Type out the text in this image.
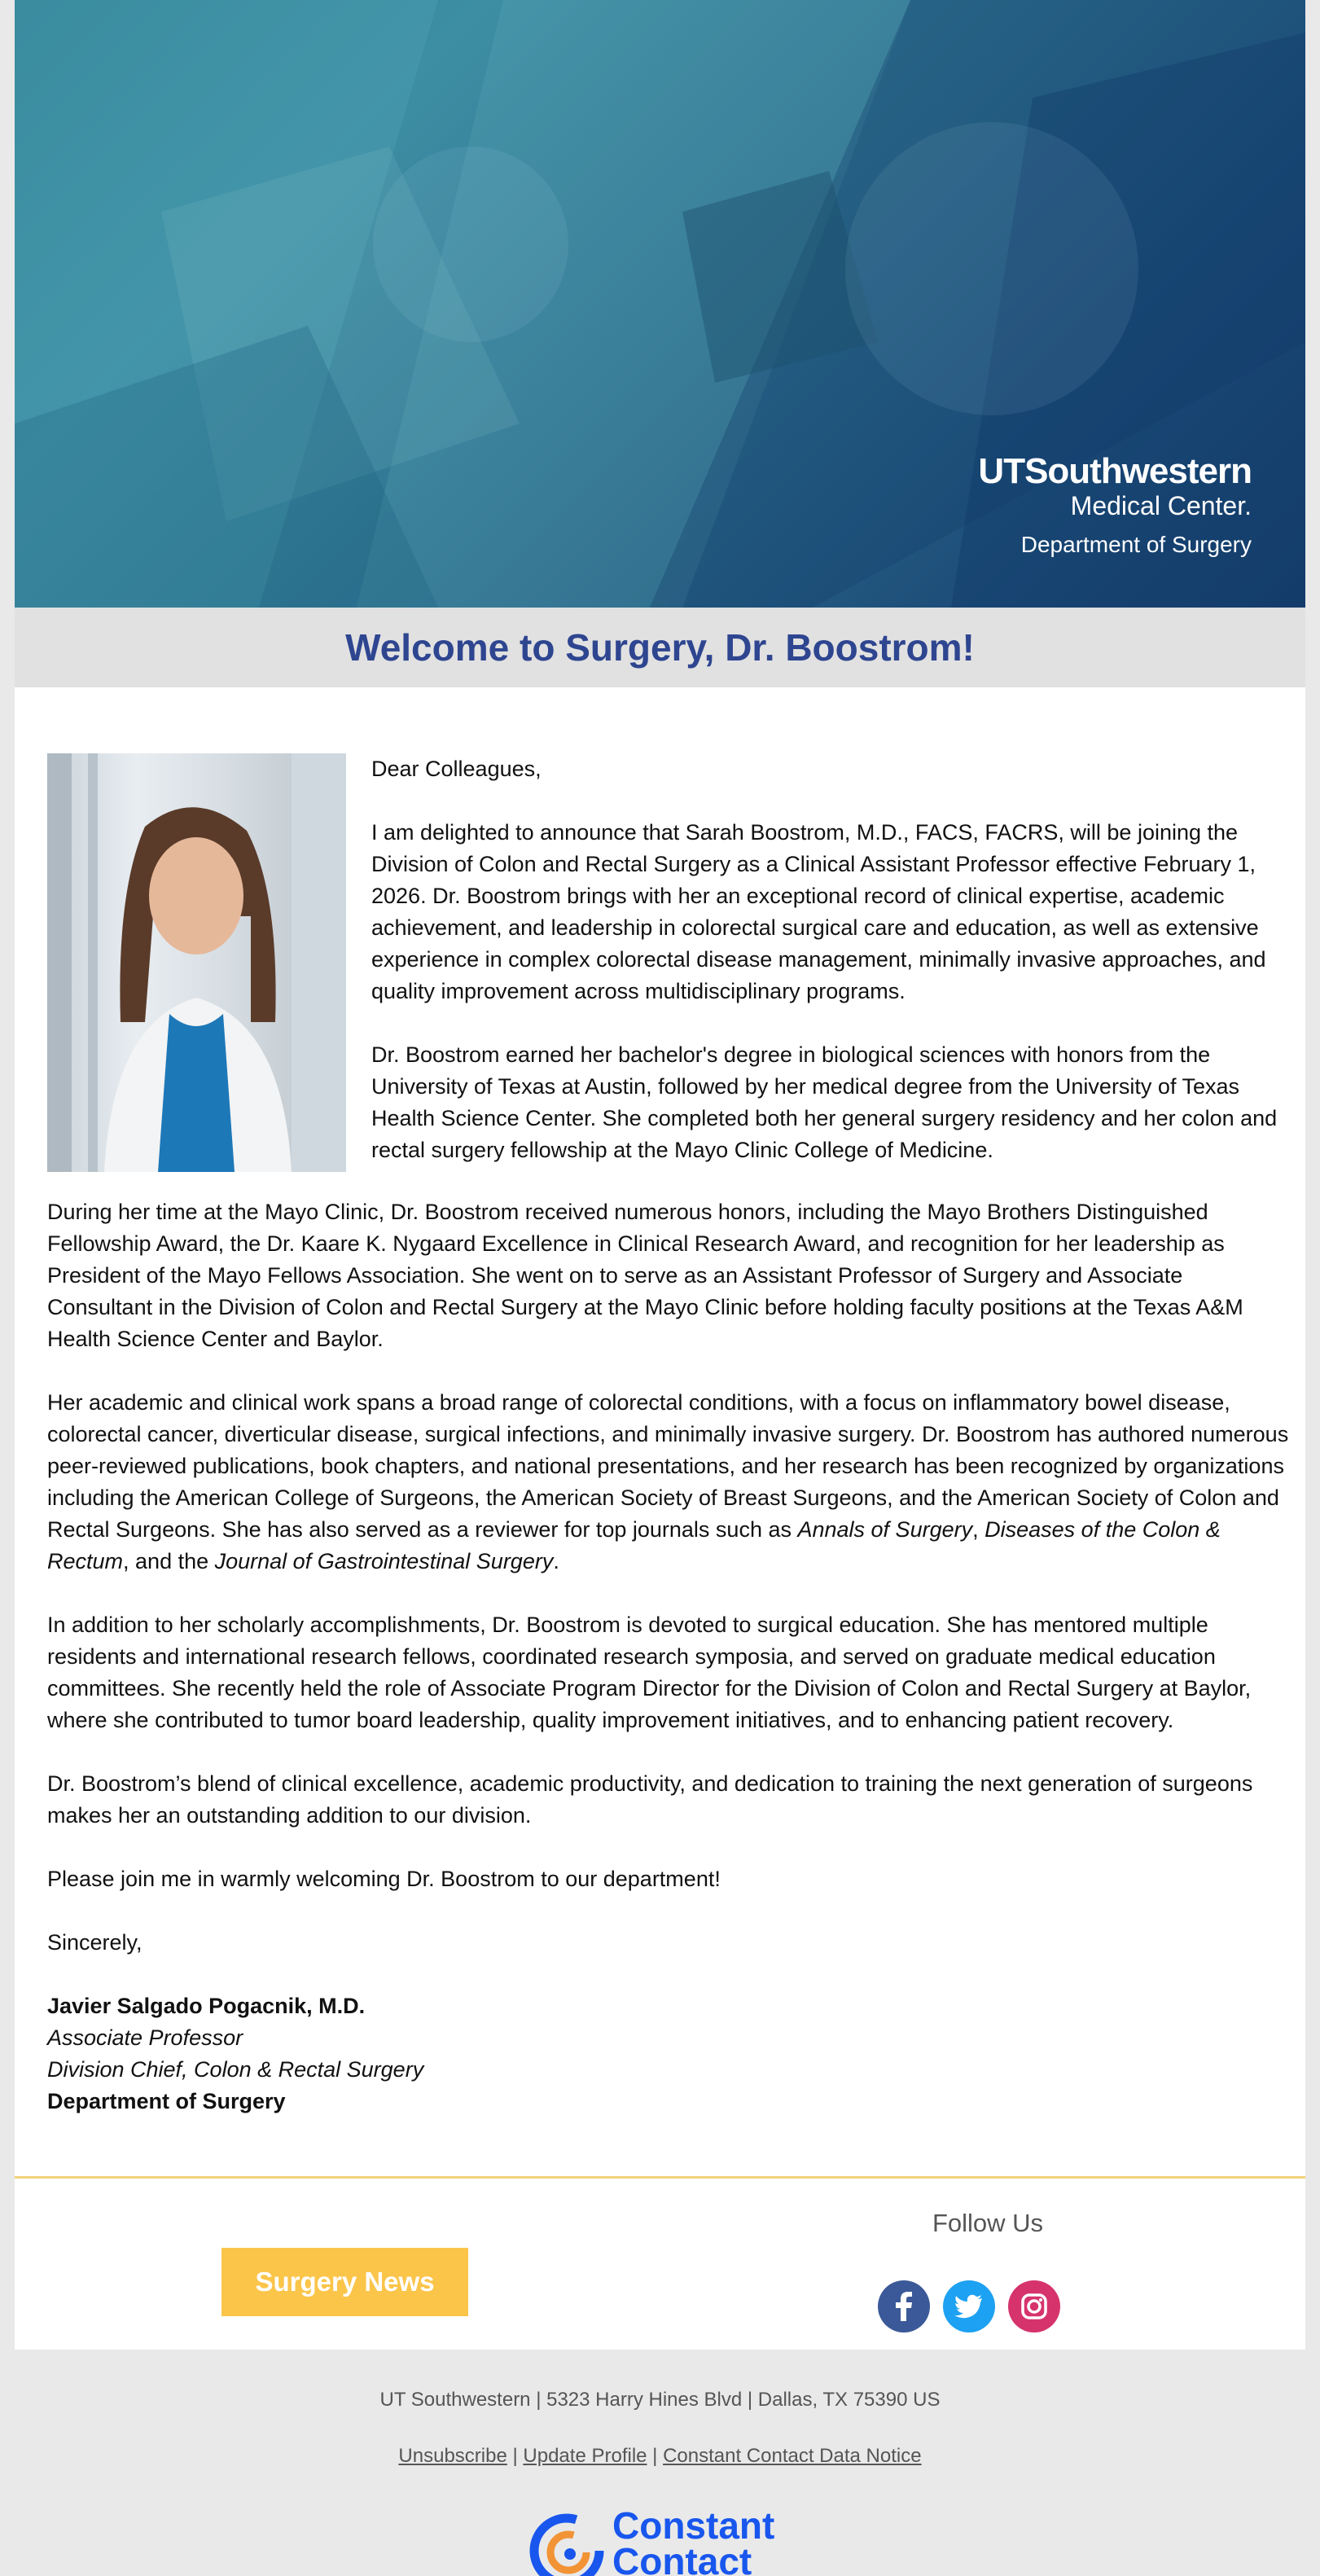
UTSouthwestern
Medical Center.
Department of Surgery
Welcome to Surgery, Dr. Boostrom!

Dear Colleagues,

I am delighted to announce that Sarah Boostrom, M.D., FACS, FACRS, will be joining the Division of Colon and Rectal Surgery as a Clinical Assistant Professor effective February 1, 2026. Dr. Boostrom brings with her an exceptional record of clinical expertise, academic achievement, and leadership in colorectal surgical care and education, as well as extensive experience in complex colorectal disease management, minimally invasive approaches, and quality improvement across multidisciplinary programs.

Dr. Boostrom earned her bachelor's degree in biological sciences with honors from the University of Texas at Austin, followed by her medical degree from the University of Texas Health Science Center. She completed both her general surgery residency and her colon and rectal surgery fellowship at the Mayo Clinic College of Medicine.

During her time at the Mayo Clinic, Dr. Boostrom received numerous honors, including the Mayo Brothers Distinguished Fellowship Award, the Dr. Kaare K. Nygaard Excellence in Clinical Research Award, and recognition for her leadership as President of the Mayo Fellows Association. She went on to serve as an Assistant Professor of Surgery and Associate Consultant in the Division of Colon and Rectal Surgery at the Mayo Clinic before holding faculty positions at the Texas A&M Health Science Center and Baylor.

Her academic and clinical work spans a broad range of colorectal conditions, with a focus on inflammatory bowel disease, colorectal cancer, diverticular disease, surgical infections, and minimally invasive surgery. Dr. Boostrom has authored numerous peer-reviewed publications, book chapters, and national presentations, and her research has been recognized by organizations including the American College of Surgeons, the American Society of Breast Surgeons, and the American Society of Colon and Rectal Surgeons. She has also served as a reviewer for top journals such as Annals of Surgery, Diseases of the Colon & Rectum, and the Journal of Gastrointestinal Surgery.

In addition to her scholarly accomplishments, Dr. Boostrom is devoted to surgical education. She has mentored multiple residents and international research fellows, coordinated research symposia, and served on graduate medical education committees. She recently held the role of Associate Program Director for the Division of Colon and Rectal Surgery at Baylor, where she contributed to tumor board leadership, quality improvement initiatives, and to enhancing patient recovery.

Dr. Boostrom’s blend of clinical excellence, academic productivity, and dedication to training the next generation of surgeons makes her an outstanding addition to our division.

Please join me in warmly welcoming Dr. Boostrom to our department!

Sincerely,

Javier Salgado Pogacnik, M.D.
Associate Professor
Division Chief, Colon & Rectal Surgery
Department of Surgery
Surgery News
Follow Us
UT Southwestern | 5323 Harry Hines Blvd | Dallas, TX 75390 US
Unsubscribe | Update Profile | Constant Contact Data Notice
Constant
Contact
